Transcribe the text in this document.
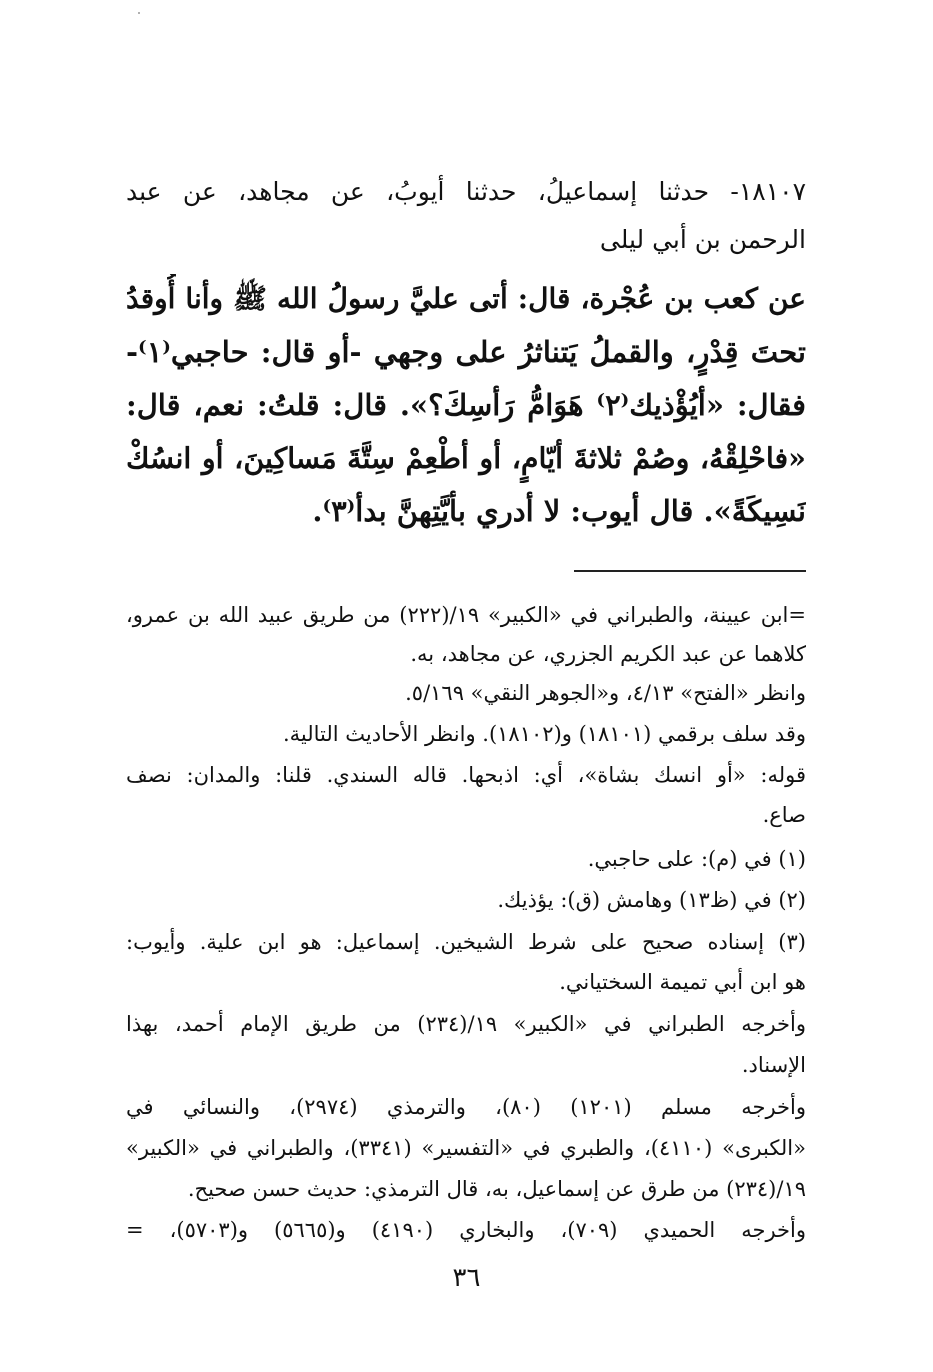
١٨١٠٧- حدثنا إسماعيلُ، حدثنا أيوبُ، عن مجاهد، عن عبد
الرحمن بن أبي ليلى
عن كعب بن عُجْرة، قال: أتى عليَّ رسولُ الله ﷺ وأنا أُوقدُ
تحتَ قِدْرٍ، والقملُ يَتناثرُ على وجهي -أو قال: حاجبي⁽١⁾-
فقال: «أيُؤْذيك⁽٢⁾ هَوَامُّ رَأسِكَ؟». قال: قلتُ: نعم، قال:
«فاحْلِقْهُ، وصُمْ ثلاثةَ أيّامٍ، أو أطْعِمْ سِتَّةَ مَساكِينَ، أو انسُكْ
نَسِيكَةً». قال أيوب: لا أدري بأيَّتِهنَّ بدأ⁽٣⁾.
=ابن عيينة، والطبراني في «الكبير» ١٩/(٢٢٢) من طريق عبيد الله بن عمرو،
كلاهما عن عبد الكريم الجزري، عن مجاهد، به.
وانظر «الفتح» ٤/١٣، و«الجوهر النقي» ٥/١٦٩.
وقد سلف برقمي (١٨١٠١) و(١٨١٠٢). وانظر الأحاديث التالية.
قوله: «أو انسك بشاة»، أي: اذبحها. قاله السندي. قلنا: والمدان: نصف
صاع.
(١) في (م): على حاجبي.
(٢) في (ظ١٣) وهامش (ق): يؤذيك.
(٣) إسناده صحيح على شرط الشيخين. إسماعيل: هو ابن علية. وأيوب:
هو ابن أبي تميمة السختياني.
وأخرجه الطبراني في «الكبير» ١٩/(٢٣٤) من طريق الإمام أحمد، بهذا
الإسناد.
وأخرجه مسلم (١٢٠١) (٨٠)، والترمذي (٢٩٧٤)، والنسائي في
«الكبرى» (٤١١٠)، والطبري في «التفسير» (٣٣٤١)، والطبراني في «الكبير»
١٩/(٢٣٤) من طرق عن إسماعيل، به، قال الترمذي: حديث حسن صحيح.
وأخرجه الحميدي (٧٠٩)، والبخاري (٤١٩٠) و(٥٦٦٥) و(٥٧٠٣)، =
٣٦
